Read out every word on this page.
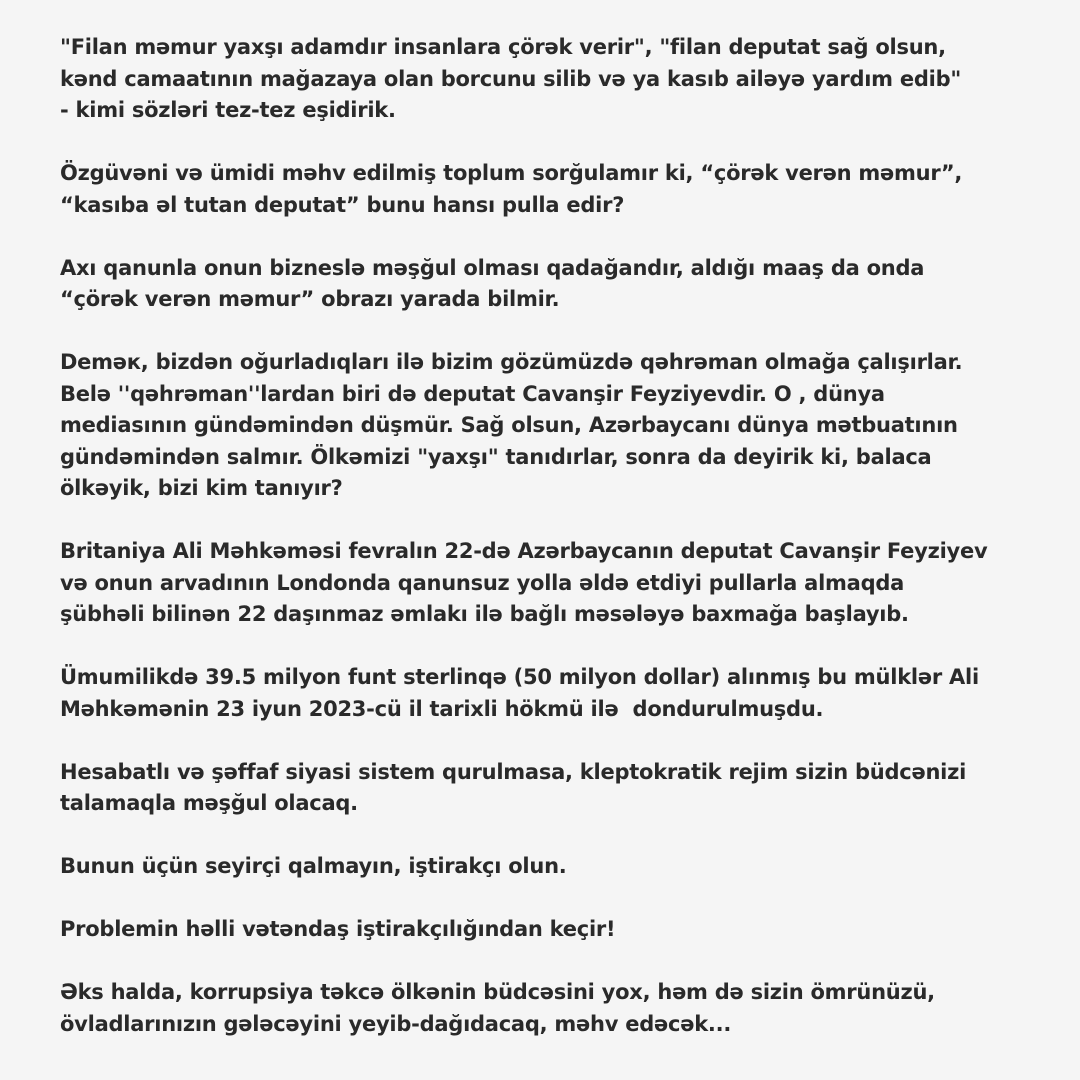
"Filan məmur yaxşı adamdır insanlara çörək verir", "filan deputat sağ olsun,
kənd camaatının mağazaya olan borcunu silib və ya kasıb ailəyə yardım edib"
- kimi sözləri tez-tez eşidirik.

Özgüvəni və ümidi məhv edilmiş toplum sorğulamır ki, “çörək verən məmur”,
“kasıba əl tutan deputat” bunu hansı pulla edir?

Axı qanunla onun bizneslə məşğul olması qadağandır, aldığı maaş da onda
“çörək verən məmur” obrazı yarada bilmir.

Deməк, bizdən oğurladıqları ilə bizim gözümüzdə qəhrəman olmağa çalışırlar.
Belə ''qəhrəman''lardan biri də deputat Cavanşir Feyziyevdir. O , dünya
mediasının gündəmindən düşmür. Sağ olsun, Azərbaycanı dünya mətbuatının
gündəmindən salmır. Ölkəmizi "yaxşı" tanıdırlar, sonra da deyirik ki, balaca
ölkəyik, bizi kim tanıyır?

Britaniya Ali Məhkəməsi fevralın 22-də Azərbaycanın deputat Cavanşir Feyziyev
və onun arvadının Londonda qanunsuz yolla əldə etdiyi pullarla almaqda
şübhəli bilinən 22 daşınmaz əmlakı ilə bağlı məsələyə baxmağa başlayıb.

Ümumilikdə 39.5 milyon funt sterlinqə (50 milyon dollar) alınmış bu mülklər Ali
Məhkəmənin 23 iyun 2023-cü il tarixli hökmü ilə  dondurulmuşdu.

Hesabatlı və şəffaf siyasi sistem qurulmasa, kleptokratik rejim sizin büdcənizi
talamaqla məşğul olacaq.

Bunun üçün seyirçi qalmayın, iştirakçı olun.

Problemin həlli vətəndaş iştirakçılığından keçir!

Əks halda, korrupsiya təkcə ölkənin büdcəsini yox, həm də sizin ömrünüzü,
övladlarınızın gələcəyini yeyib-dağıdacaq, məhv edəcək...
